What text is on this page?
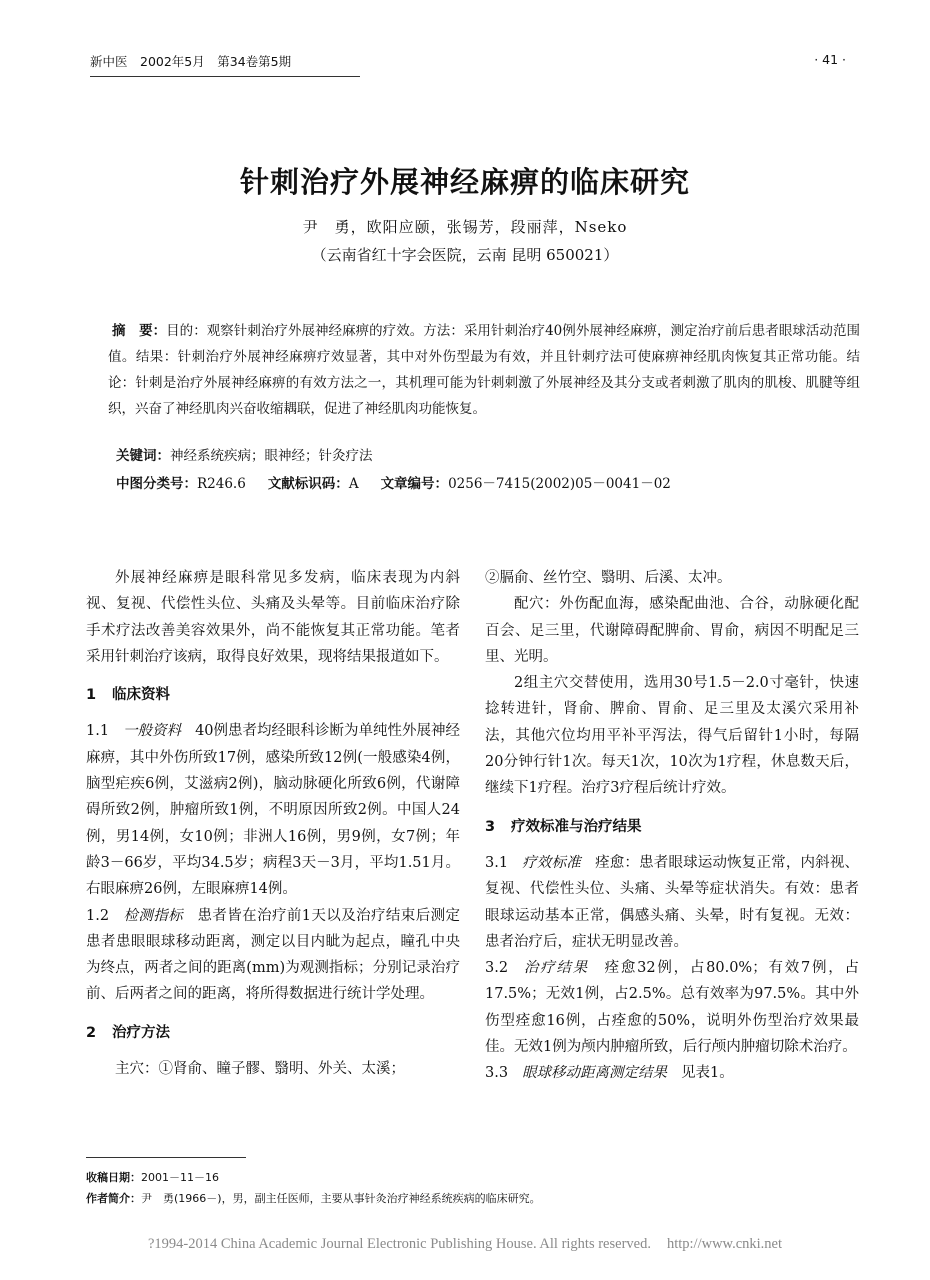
新中医　2002年5月　第34卷第5期	· 41 ·
针刺治疗外展神经麻痹的临床研究
尹　勇，欧阳应颐，张锡芳，段丽萍，Nseko
（云南省红十字会医院，云南 昆明 650021）
摘　要：目的：观察针刺治疗外展神经麻痹的疗效。方法：采用针刺治疗40例外展神经麻痹，测定治疗前后患者眼球活动范围值。结果：针刺治疗外展神经麻痹疗效显著，其中对外伤型最为有效，并且针刺疗法可使麻痹神经肌肉恢复其正常功能。结论：针刺是治疗外展神经麻痹的有效方法之一，其机理可能为针刺刺激了外展神经及其分支或者刺激了肌肉的肌梭、肌腱等组织，兴奋了神经肌肉兴奋收缩耦联，促进了神经肌肉功能恢复。
关键词：神经系统疾病；眼神经；针灸疗法
中图分类号：R246.6 文献标识码：A 文章编号：0256－7415(2002)05－0041－02

外展神经麻痹是眼科常见多发病，临床表现为内斜视、复视、代偿性头位、头痛及头晕等。目前临床治疗除手术疗法改善美容效果外，尚不能恢复其正常功能。笔者采用针刺治疗该病，取得良好效果，现将结果报道如下。

1 临床资料

1.1 一般资料 40例患者均经眼科诊断为单纯性外展神经麻痹，其中外伤所致17例，感染所致12例(一般感染4例，脑型疟疾6例，艾滋病2例)，脑动脉硬化所致6例，代谢障碍所致2例，肿瘤所致1例，不明原因所致2例。中国人24例，男14例，女10例；非洲人16例，男9例，女7例；年龄3－66岁，平均34.5岁；病程3天－3月，平均1.51月。右眼麻痹26例，左眼麻痹14例。

1.2 检测指标 患者皆在治疗前1天以及治疗结束后测定患者患眼眼球移动距离，测定以目内眦为起点，瞳孔中央为终点，两者之间的距离(mm)为观测指标；分别记录治疗前、后两者之间的距离，将所得数据进行统计学处理。

2 治疗方法

主穴：①肾俞、瞳子髎、翳明、外关、太溪；

②膈俞、丝竹空、翳明、后溪、太冲。

配穴：外伤配血海，感染配曲池、合谷，动脉硬化配百会、足三里，代谢障碍配脾俞、胃俞，病因不明配足三里、光明。

2组主穴交替使用，选用30号1.5－2.0寸毫针，快速捻转进针，肾俞、脾俞、胃俞、足三里及太溪穴采用补法，其他穴位均用平补平泻法，得气后留针1小时，每隔20分钟行针1次。每天1次，10次为1疗程，休息数天后，继续下1疗程。治疗3疗程后统计疗效。

3 疗效标准与治疗结果

3.1 疗效标准 痊愈：患者眼球运动恢复正常，内斜视、复视、代偿性头位、头痛、头晕等症状消失。有效：患者眼球运动基本正常，偶感头痛、头晕，时有复视。无效：患者治疗后，症状无明显改善。

3.2 治疗结果 痊愈32例，占80.0%；有效7例，占17.5%；无效1例，占2.5%。总有效率为97.5%。其中外伤型痊愈16例，占痊愈的50%，说明外伤型治疗效果最佳。无效1例为颅内肿瘤所致，后行颅内肿瘤切除术治疗。

3.3 眼球移动距离测定结果 见表1。

收稿日期：2001－11－16
作者简介：尹　勇(1966－)，男，副主任医师，主要从事针灸治疗神经系统疾病的临床研究。
?1994-2014 China Academic Journal Electronic Publishing House. All rights reserved. http://www.cnki.net
